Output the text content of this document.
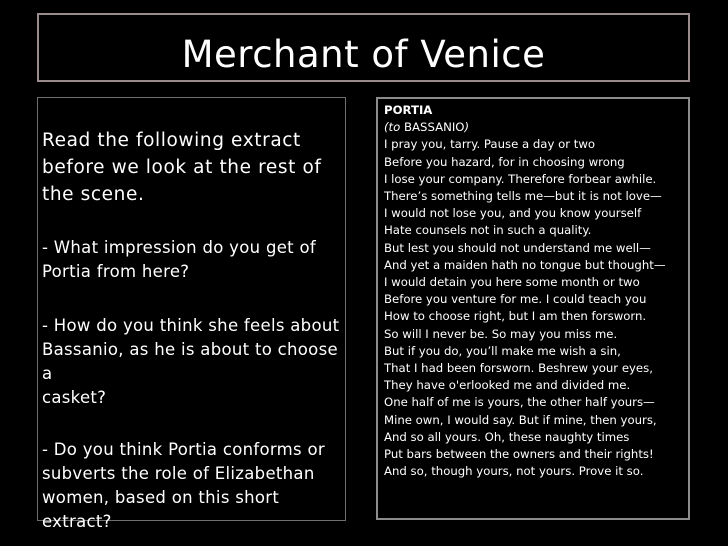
Merchant of Venice

Read the following extract

before we look at the rest of

the scene.

- What impression do you get of

Portia from here?

- How do you think she feels about

Bassanio, as he is about to choose a

casket?

- Do you think Portia conforms or

subverts the role of Elizabethan

women, based on this short extract?

PORTIA
(to BASSANIO)
I pray you, tarry. Pause a day or two
Before you hazard, for in choosing wrong
I lose your company. Therefore forbear awhile.
There’s something tells me—but it is not love—
I would not lose you, and you know yourself
Hate counsels not in such a quality.
But lest you should not understand me well—
And yet a maiden hath no tongue but thought—
I would detain you here some month or two
Before you venture for me. I could teach you
How to choose right, but I am then forsworn.
So will I never be. So may you miss me.
But if you do, you’ll make me wish a sin,
That I had been forsworn. Beshrew your eyes,
They have o'erlooked me and divided me.
One half of me is yours, the other half yours—
Mine own, I would say. But if mine, then yours,
And so all yours. Oh, these naughty times
Put bars between the owners and their rights!
And so, though yours, not yours. Prove it so.
